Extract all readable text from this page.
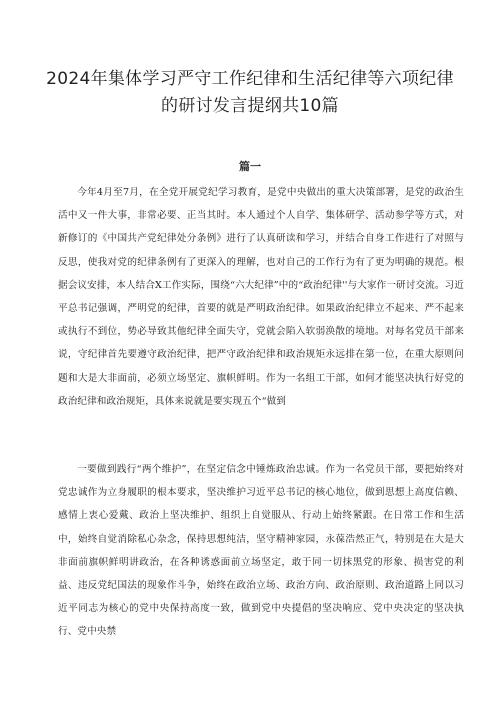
2024年集体学习严守工作纪律和生活纪律等六项纪律的研讨发言提纲共10篇
篇一

今年4月至7月，在全党开展党纪学习教育，是党中央做出的重大决策部署，是党的政治生活中又一件大事，非常必要、正当其时。本人通过个人自学、集体研学、活动参学等方式，对新修订的《中国共产党纪律处分条例》进行了认真研读和学习，并结合自身工作进行了对照与反思，使我对党的纪律条例有了更深入的理解，也对自己的工作行为有了更为明确的规范。根据会议安排，本人结合X工作实际，围绕“六大纪律”中的“政治纪律''与大家作一研讨交流。习近平总书记强调，严明党的纪律，首要的就是严明政治纪律。如果政治纪律立不起来、严不起来或执行不到位，势必导致其他纪律全面失守，党就会陷入软弱涣散的境地。对每名党员干部来说，守纪律首先要遵守政治纪律，把严守政治纪律和政治规矩永远排在第一位，在重大原则问题和大是大非面前，必须立场坚定、旗帜鲜明。作为一名组工干部，如何才能坚决执行好党的政治纪律和政治规矩，具体来说就是要实现五个“做到

一要做到践行“两个维护”，在坚定信念中锤炼政治忠诚。作为一名党员干部，要把始终对党忠诚作为立身履职的根本要求，坚决维护习近平总书记的核心地位，做到思想上高度信赖、感情上衷心爱戴、政治上坚决维护、组织上自觉服从、行动上始终紧跟。在日常工作和生活中，始终自觉消除私心杂念，保持思想纯洁，坚守精神家园，永葆浩然正气，特别是在大是大非面前旗帜鲜明讲政治，在各种诱惑面前立场坚定，敢于同一切抹黑党的形象、损害党的利益、违反党纪国法的现象作斗争，始终在政治立场、政治方向、政治原则、政治道路上同以习近平同志为核心的党中央保持高度一致，做到党中央提倡的坚决响应、党中央决定的坚决执行、党中央禁
